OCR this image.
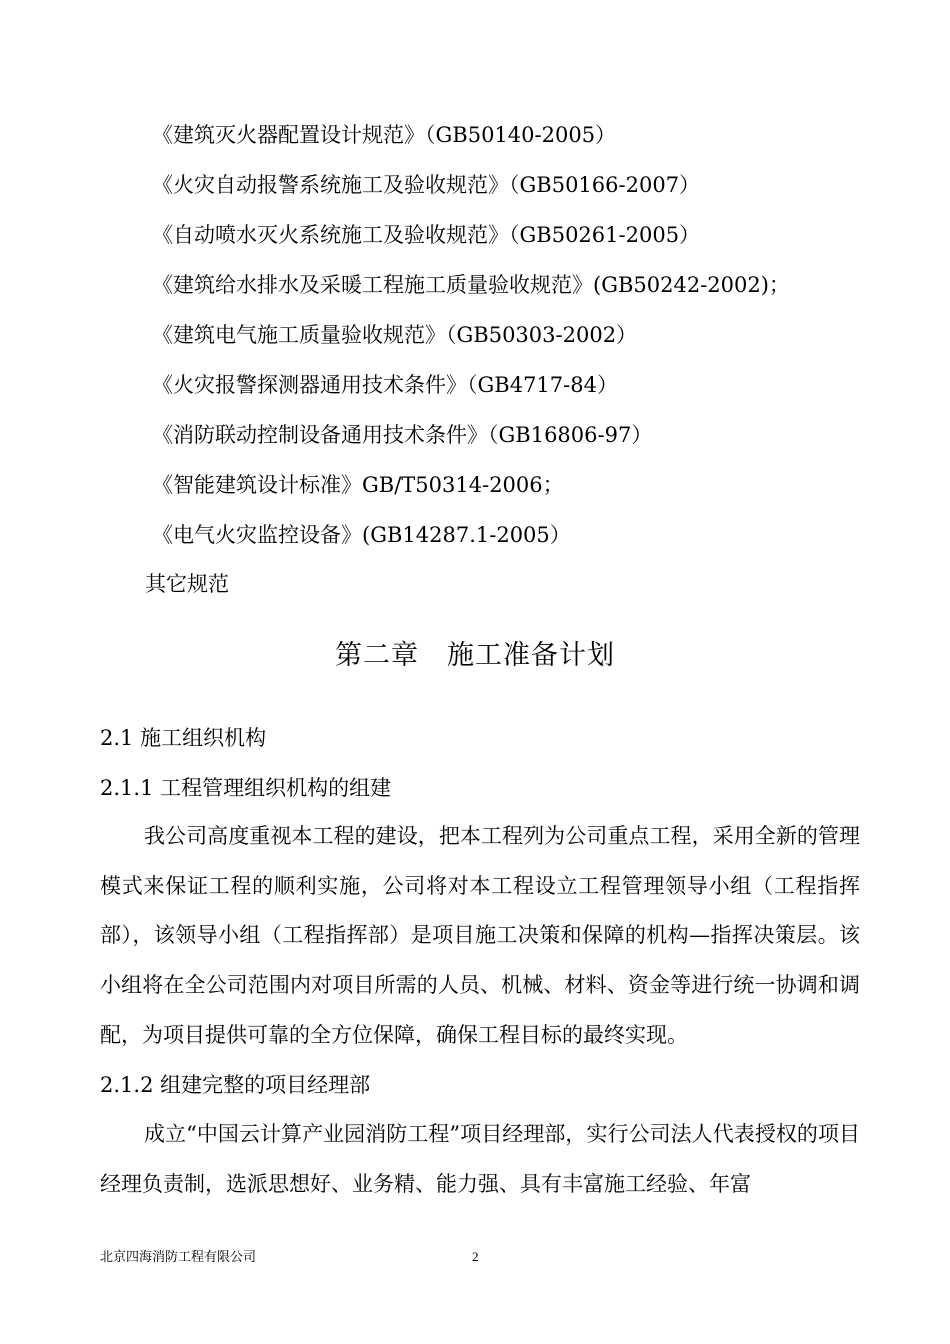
《建筑灭火器配置设计规范》（GB50140-2005）
《火灾自动报警系统施工及验收规范》（GB50166-2007）
《自动喷水灭火系统施工及验收规范》（GB50261-2005）
《建筑给水排水及采暖工程施工质量验收规范》(GB50242-2002)；
《建筑电气施工质量验收规范》（GB50303-2002）
《火灾报警探测器通用技术条件》（GB4717-84）
《消防联动控制设备通用技术条件》（GB16806-97）
《智能建筑设计标准》GB/T50314-2006；
《电气火灾监控设备》(GB14287.1-2005）
其它规范
第二章 施工准备计划
2.1 施工组织机构
2.1.1 工程管理组织机构的组建
我公司高度重视本工程的建设，把本工程列为公司重点工程，采用全新的管理模式来保证工程的顺利实施，公司将对本工程设立工程管理领导小组（工程指挥部），该领导小组（工程指挥部）是项目施工决策和保障的机构—指挥决策层。该小组将在全公司范围内对项目所需的人员、机械、材料、资金等进行统一协调和调配，为项目提供可靠的全方位保障，确保工程目标的最终实现。
2.1.2 组建完整的项目经理部
成立“中国云计算产业园消防工程”项目经理部，实行公司法人代表授权的项目经理负责制，选派思想好、业务精、能力强、具有丰富施工经验、年富
北京四海消防工程有限公司	2
